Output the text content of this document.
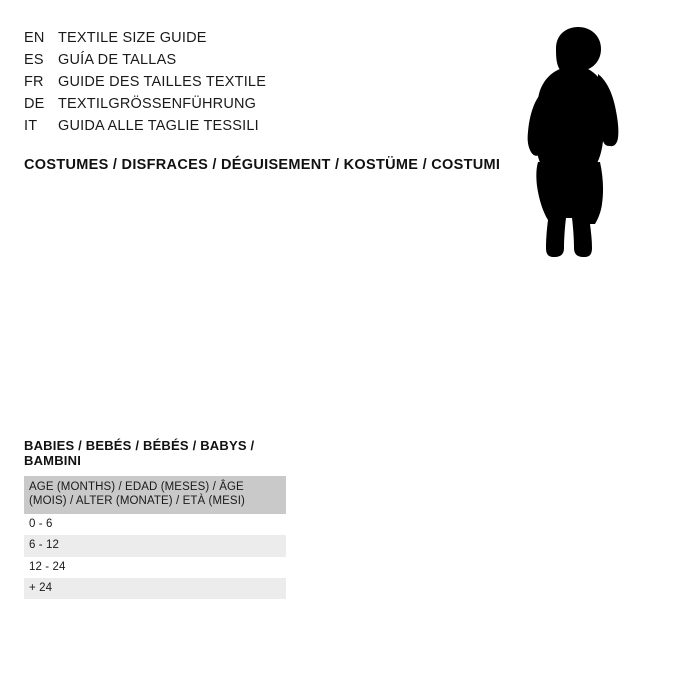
EN TEXTILE SIZE GUIDE
ES GUÍA DE TALLAS
FR GUIDE DES TAILLES TEXTILE
DE TEXTILGRÖSSENFÜHRUNG
IT	GUIDA ALLE TAGLIE TESSILI
COSTUMES / DISFRACES / DÉGUISEMENT / KOSTÜME / COSTUMI
BABIES / BEBÉS / BÉBÉS / BABYS / BAMBINI
AGE (MONTHS) / EDAD (MESES) / ÂGE (MOIS) / ALTER (MONATE) / ETÀ (MESI)
0 - 6
6 - 12
12 - 24
+ 24
